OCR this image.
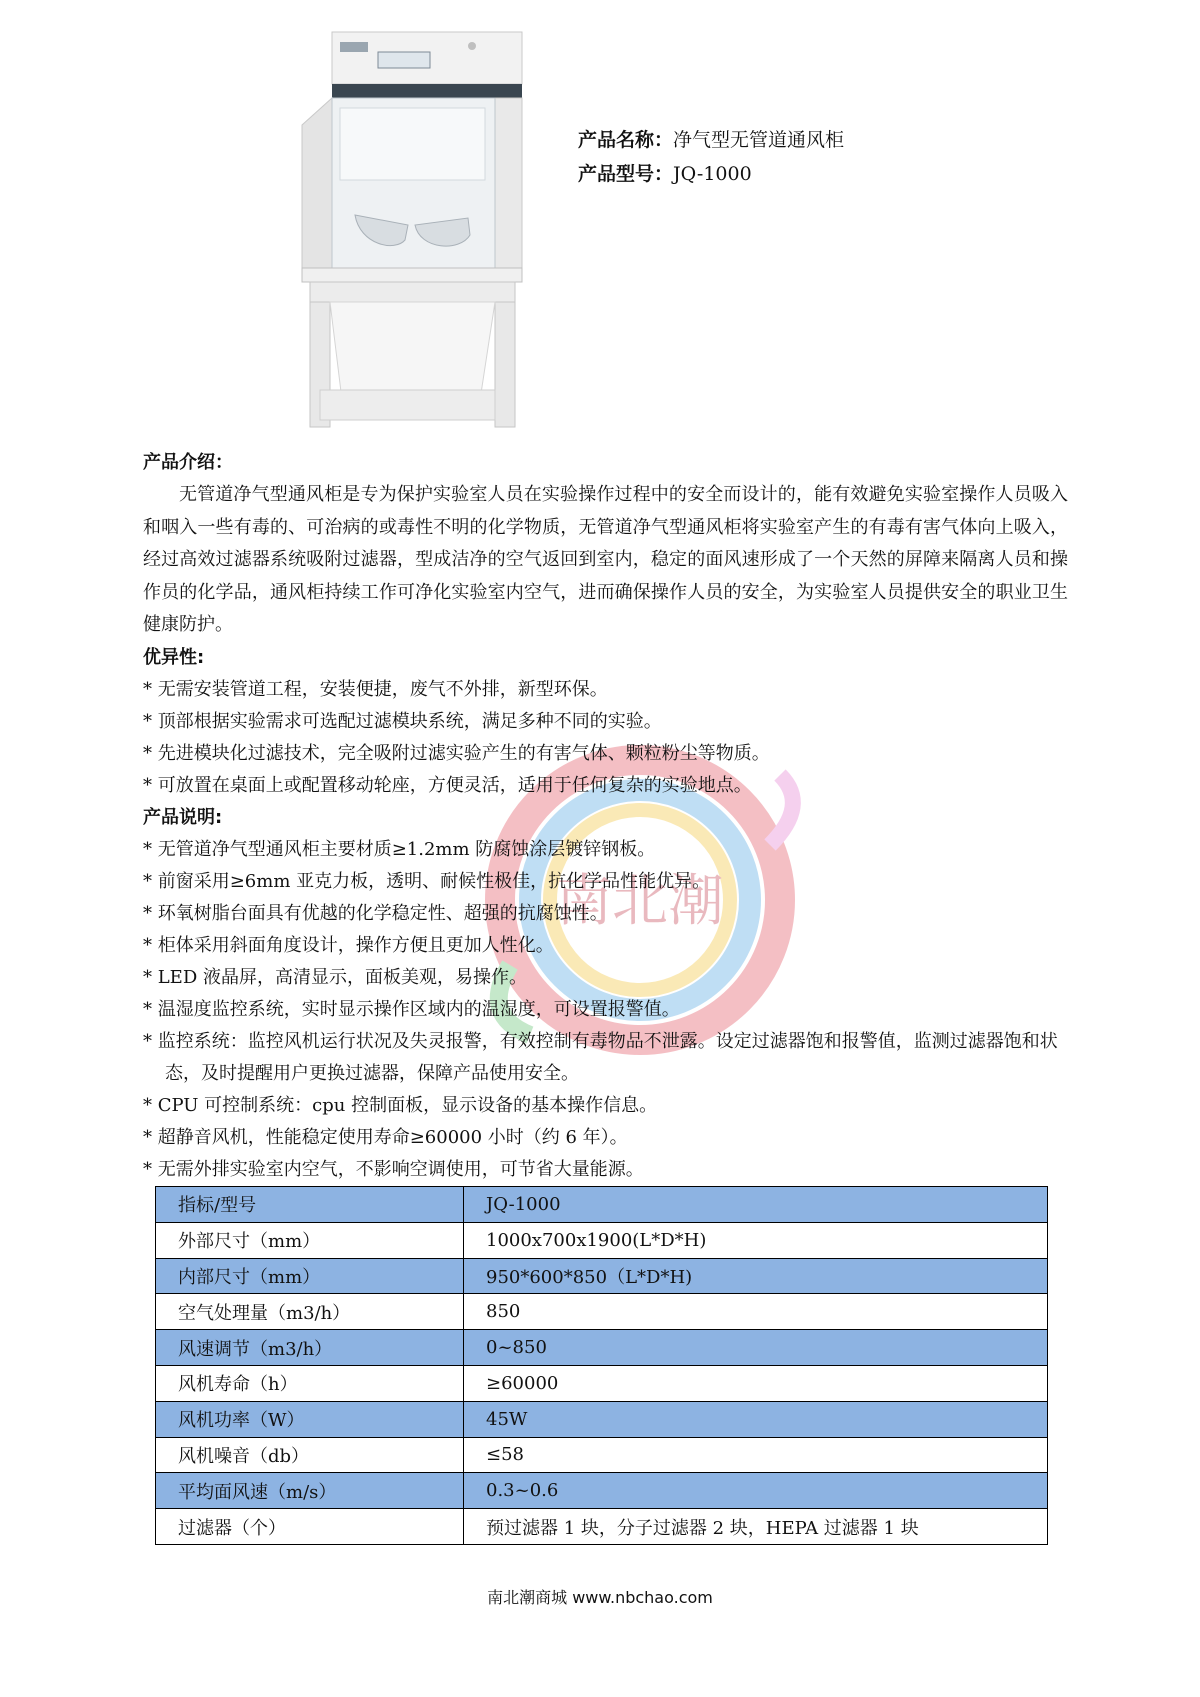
产品名称：净气型无管道通风柜
产品型号：JQ-1000
南北潮

产品介绍：

无管道净气型通风柜是专为保护实验室人员在实验操作过程中的安全而设计的，能有效避免实验室操作人员吸入和咽入一些有毒的、可治病的或毒性不明的化学物质，无管道净气型通风柜将实验室产生的有毒有害气体向上吸入，经过高效过滤器系统吸附过滤器，型成洁净的空气返回到室内，稳定的面风速形成了一个天然的屏障来隔离人员和操作员的化学品，通风柜持续工作可净化实验室内空气，进而确保操作人员的安全，为实验室人员提供安全的职业卫生健康防护。

优异性:

* 无需安装管道工程，安装便捷，废气不外排，新型环保。
* 顶部根据实验需求可选配过滤模块系统，满足多种不同的实验。
* 先进模块化过滤技术，完全吸附过滤实验产生的有害气体、颗粒粉尘等物质。
* 可放置在桌面上或配置移动轮座，方便灵活，适用于任何复杂的实验地点。

产品说明:

* 无管道净气型通风柜主要材质≥1.2mm 防腐蚀涂层镀锌钢板。
* 前窗采用≥6mm 亚克力板，透明、耐候性极佳，抗化学品性能优异。
* 环氧树脂台面具有优越的化学稳定性、超强的抗腐蚀性。
* 柜体采用斜面角度设计，操作方便且更加人性化。
* LED 液晶屏，高清显示，面板美观，易操作。
* 温湿度监控系统，实时显示操作区域内的温湿度，可设置报警值。
* 监控系统：监控风机运行状况及失灵报警，有效控制有毒物品不泄露。设定过滤器饱和报警值，监测过滤器饱和状态，及时提醒用户更换过滤器，保障产品使用安全。
* CPU 可控制系统：cpu 控制面板，显示设备的基本操作信息。
* 超静音风机，性能稳定使用寿命≥60000 小时（约 6 年）。
* 无需外排实验室内空气，不影响空调使用，可节省大量能源。
指标/型号	JQ-1000
外部尺寸（mm）	1000x700x1900(L*D*H)
内部尺寸（mm）	950*600*850（L*D*H)
空气处理量（m3/h）	850
风速调节（m3/h）	0~850
风机寿命（h）	≥60000
风机功率（W）	45W
风机噪音（db）	≤58
平均面风速（m/s）	0.3~0.6
过滤器（个）	预过滤器 1 块，分子过滤器 2 块，HEPA 过滤器 1 块
南北潮商城 www.nbchao.com
